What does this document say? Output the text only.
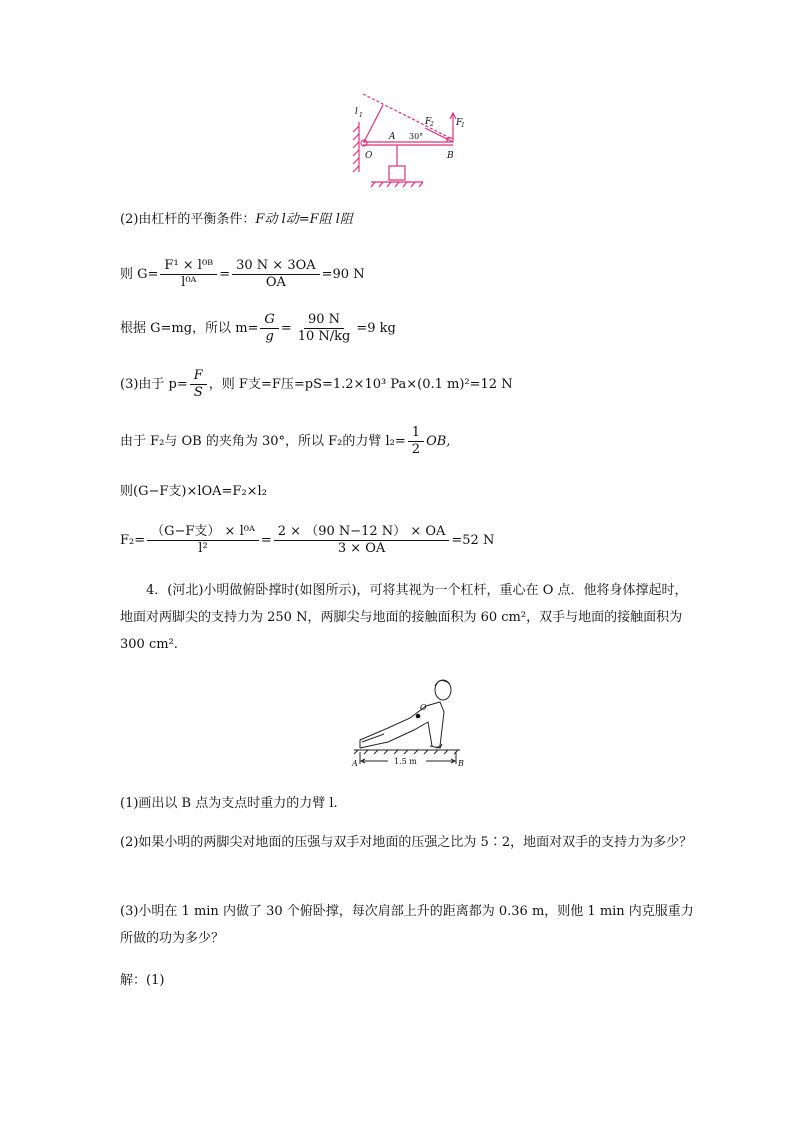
l 1
F
2 F
1
A
O	B
30°
(2)由杠杆的平衡条件：F动 l动=F阻 l阻
则 $G= \frac{\text{F¹ × l⁰ᴮ}}{\text{l⁰ᴬ}} = \frac{30 N \times 3OA}{OA} =90$ N
根据 G=mg，所以 $m= \frac{G}{g} = \frac{90 N}{10 N/kg} =9$ kg
(3)由于 $p= \frac{F}{S}$ ，则 F支=F压=pS=1.2×10³ Pa×(0.1 m)²=12 N
由于 F₂与 OB 的夹角为 30°，所以 F₂的力臂 $l_2= \frac{1}{2}$ OB,
则(G−F支)×lOA=F₂×l₂
$F_2= \frac{\text{（G−F支） × l⁰ᴬ}}{\text{l²}} = \frac{2 \times (90 N-12 N) \times OA}{3 \times OA} =52$ N
4．(河北)小明做俯卧撑时(如图所示)，可将其视为一个杠杆，重心在 O 点．他将身体撑起时，地面对两脚尖的支持力为 250 N，两脚尖与地面的接触面积为 60 cm²，双手与地面的接触面积为 300 cm².
O
A	B
1.5 m
(1)画出以 B 点为支点时重力的力臂 l.
(2)如果小明的两脚尖对地面的压强与双手对地面的压强之比为 5∶2，地面对双手的支持力为多少？
(3)小明在 1 min 内做了 30 个俯卧撑，每次肩部上升的距离都为 0.36 m，则他 1 min 内克服重力所做的功为多少？
解：(1)
